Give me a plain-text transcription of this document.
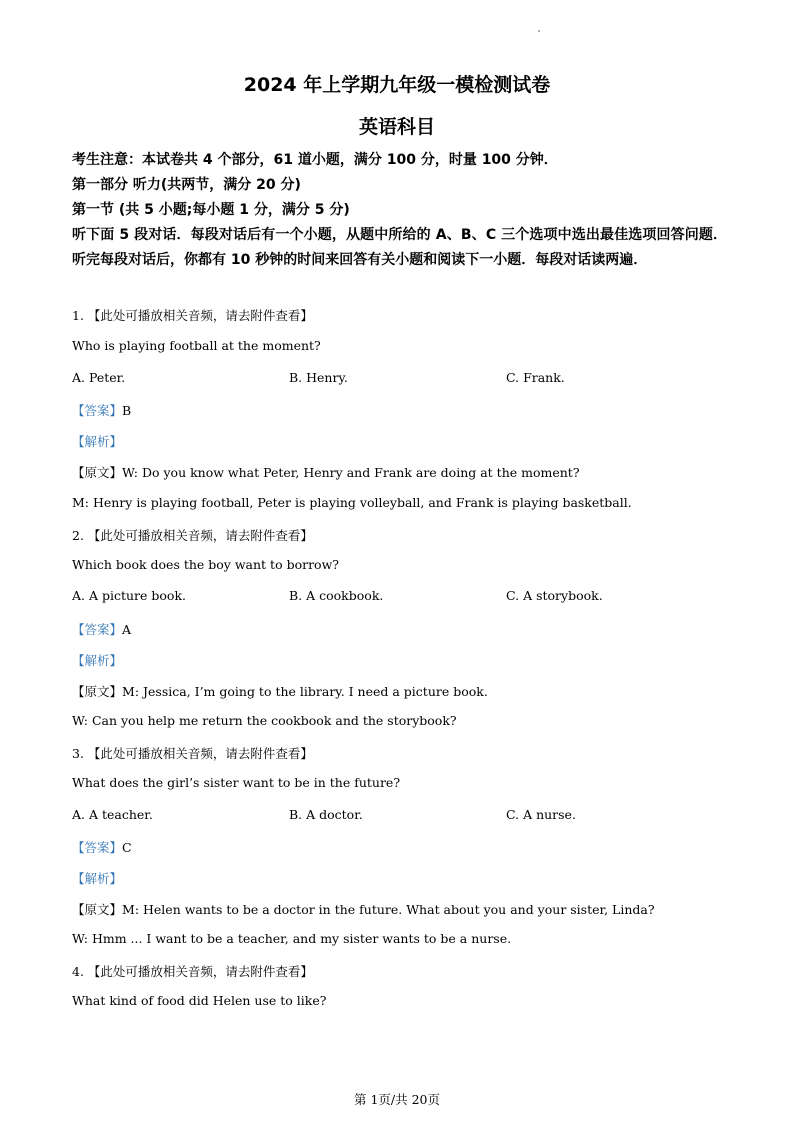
2024 年上学期九年级一模检测试卷
英语科目

考生注意：本试卷共 4 个部分，61 道小题，满分 100 分，时量 100 分钟．

第一部分 听力(共两节，满分 20 分)

第一节 (共 5 小题;每小题 1 分，满分 5 分)

听下面 5 段对话．每段对话后有一个小题，从题中所给的 A、B、C 三个选项中选出最佳选项回答问题．听完每段对话后，你都有 10 秒钟的时间来回答有关小题和阅读下一小题．每段对话读两遍．

1. 【此处可播放相关音频，请去附件查看】
Who is playing football at the moment?
A. Peter.	B. Henry.	C. Frank.
【答案】B
【解析】
【原文】W: Do you know what Peter, Henry and Frank are doing at the moment?
M: Henry is playing football, Peter is playing volleyball, and Frank is playing basketball.
2. 【此处可播放相关音频，请去附件查看】
Which book does the boy want to borrow?
A. A picture book.	B. A cookbook.	C. A storybook.
【答案】A
【解析】
【原文】M: Jessica, I’m going to the library. I need a picture book.
W: Can you help me return the cookbook and the storybook?
3. 【此处可播放相关音频，请去附件查看】
What does the girl’s sister want to be in the future?
A. A teacher.	B. A doctor.	C. A nurse.
【答案】C
【解析】
【原文】M: Helen wants to be a doctor in the future. What about you and your sister, Linda?
W: Hmm ... I want to be a teacher, and my sister wants to be a nurse.
4. 【此处可播放相关音频，请去附件查看】
What kind of food did Helen use to like?
第 1页/共 20页
